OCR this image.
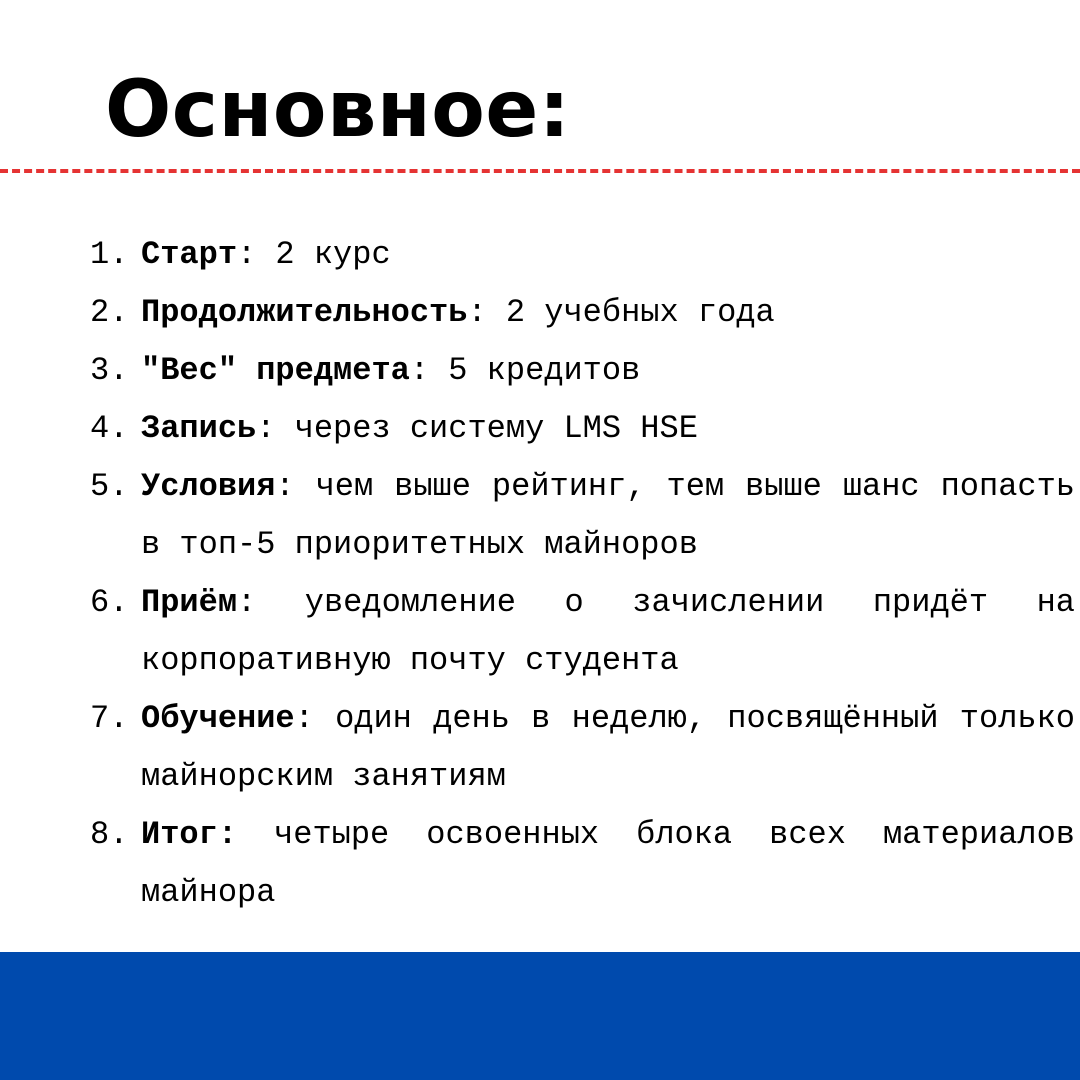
Основное:
1. Старт: 2 курс
2. Продолжительность: 2 учебных года
3. "Вес" предмета: 5 кредитов
4. Запись: через систему LMS HSE
5. Условия: чем выше рейтинг, тем выше шанс попасть в топ-5 приоритетных майноров
6. Приём: уведомление о зачислении придёт на корпоративную почту студента
7. Обучение: один день в неделю, посвящённый только майнорским занятиям
8. Итог: четыре освоенных блока всех материалов майнора
